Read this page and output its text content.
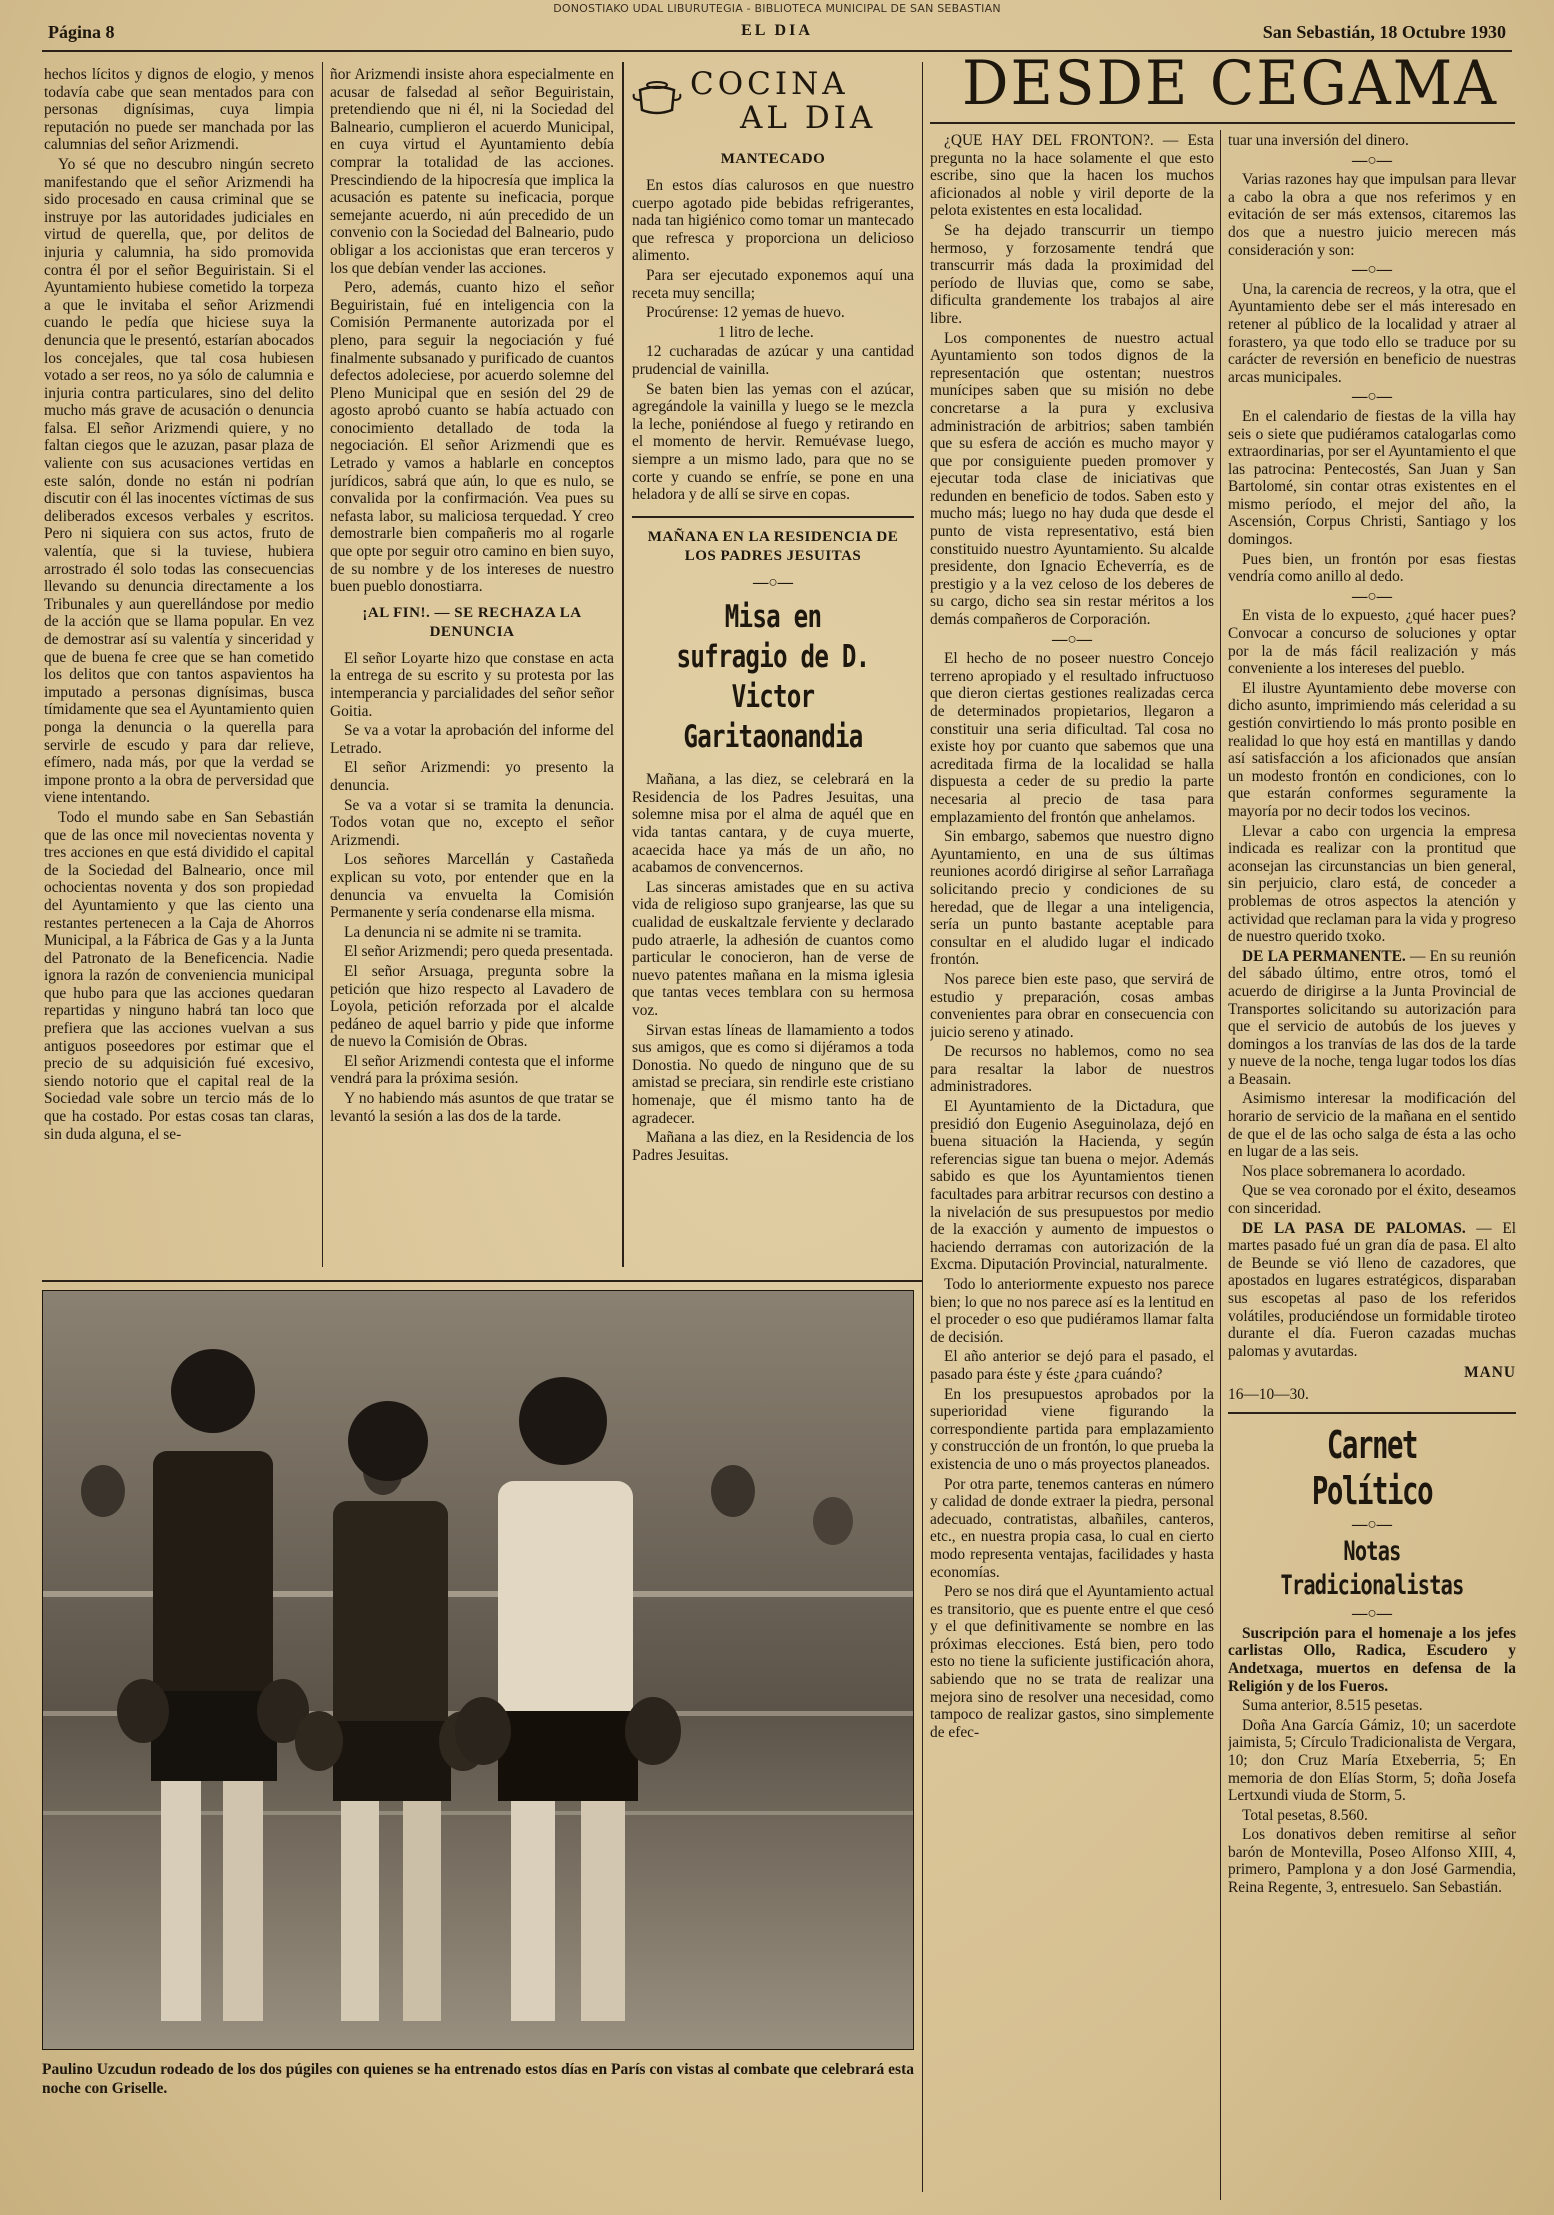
DONOSTIAKO UDAL LIBURUTEGIA - BIBLIOTECA MUNICIPAL DE SAN SEBASTIAN
Página 8	EL DIA	San Sebastián, 18 Octubre 1930

hechos lícitos y dignos de elogio, y menos todavía cabe que sean mentados para con personas dignísimas, cuya limpia reputación no puede ser manchada por las calumnias del señor Arizmendi.

Yo sé que no descubro ningún secreto manifestando que el señor Arizmendi ha sido procesado en causa criminal que se instruye por las autoridades judiciales en virtud de querella, que, por delitos de injuria y calumnia, ha sido promovida contra él por el señor Beguiristain. Si el Ayuntamiento hubiese cometido la torpeza a que le invitaba el señor Arizmendi cuando le pedía que hiciese suya la denuncia que le presentó, estarían abocados los concejales, que tal cosa hubiesen votado a ser reos, no ya sólo de calumnia e injuria contra particulares, sino del delito mucho más grave de acusación o denuncia falsa. El señor Arizmendi quiere, y no faltan ciegos que le azuzan, pasar plaza de valiente con sus acusaciones vertidas en este salón, donde no están ni podrían discutir con él las inocentes víctimas de sus deliberados excesos verbales y escritos. Pero ni siquiera con sus actos, fruto de valentía, que si la tuviese, hubiera arrostrado él solo todas las consecuencias llevando su denuncia directamente a los Tribunales y aun querellándose por medio de la acción que se llama popular. En vez de demostrar así su valentía y sinceridad y que de buena fe cree que se han cometido los delitos que con tantos aspavientos ha imputado a personas dignísimas, busca tímidamente que sea el Ayuntamiento quien ponga la denuncia o la querella para servirle de escudo y para dar relieve, efímero, nada más, por que la verdad se impone pronto a la obra de perversidad que viene intentando.

Todo el mundo sabe en San Sebastián que de las once mil novecientas noventa y tres acciones en que está dividido el capital de la Sociedad del Balneario, once mil ochocientas noventa y dos son propiedad del Ayuntamiento y que las ciento una restantes pertenecen a la Caja de Ahorros Municipal, a la Fábrica de Gas y a la Junta del Patronato de la Beneficencia. Nadie ignora la razón de conveniencia municipal que hubo para que las acciones quedaran repartidas y ninguno habrá tan loco que prefiera que las acciones vuelvan a sus antiguos poseedores por estimar que el precio de su adquisición fué excesivo, siendo notorio que el capital real de la Sociedad vale sobre un tercio más de lo que ha costado. Por estas cosas tan claras, sin duda alguna, el se-

ñor Arizmendi insiste ahora especialmente en acusar de falsedad al señor Beguiristain, pretendiendo que ni él, ni la Sociedad del Balneario, cumplieron el acuerdo Municipal, en cuya virtud el Ayuntamiento debía comprar la totalidad de las acciones. Prescindiendo de la hipocresía que implica la acusación es patente su ineficacia, porque semejante acuerdo, ni aún precedido de un convenio con la Sociedad del Balneario, pudo obligar a los accionistas que eran terceros y los que debían vender las acciones.

Pero, además, cuanto hizo el señor Beguiristain, fué en inteligencia con la Comisión Permanente autorizada por el pleno, para seguir la negociación y fué finalmente subsanado y purificado de cuantos defectos adoleciese, por acuerdo solemne del Pleno Municipal que en sesión del 29 de agosto aprobó cuanto se había actuado con conocimiento detallado de toda la negociación. El señor Arizmendi que es Letrado y vamos a hablarle en conceptos jurídicos, sabrá que aún, lo que es nulo, se convalida por la confirmación. Vea pues su nefasta labor, su maliciosa terquedad. Y creo demostrarle bien compañeris mo al rogarle que opte por seguir otro camino en bien suyo, de su nombre y de los intereses de nuestro buen pueblo donostiarra.

¡AL FIN!. — SE RECHAZA LA DENUNCIA

El señor Loyarte hizo que constase en acta la entrega de su escrito y su protesta por las intemperancia y parcialidades del señor señor Goitia.

Se va a votar la aprobación del informe del Letrado.

El señor Arizmendi: yo presento la denuncia.

Se va a votar si se tramita la denuncia. Todos votan que no, excepto el señor Arizmendi.

Los señores Marcellán y Castañeda explican su voto, por entender que en la denuncia va envuelta la Comisión Permanente y sería condenarse ella misma.

La denuncia ni se admite ni se tramita.

El señor Arizmendi; pero queda presentada.

El señor Arsuaga, pregunta sobre la petición que hizo respecto al Lavadero de Loyola, petición reforzada por el alcalde pedáneo de aquel barrio y pide que informe de nuevo la Comisión de Obras.

El señor Arizmendi contesta que el informe vendrá para la próxima sesión.

Y no habiendo más asuntos de que tratar se levantó la sesión a las dos de la tarde.

COCINA
AL DIA
MANTECADO

En estos días calurosos en que nuestro cuerpo agotado pide bebidas refrigerantes, nada tan higiénico como tomar un mantecado que refresca y proporciona un delicioso alimento.

Para ser ejecutado exponemos aquí una receta muy sencilla;

Procúrense: 12 yemas de huevo.

1 litro de leche.

12 cucharadas de azúcar y una cantidad prudencial de vainilla.

Se baten bien las yemas con el azúcar, agregándole la vainilla y luego se le mezcla la leche, poniéndose al fuego y retirando en el momento de hervir. Remuévase luego, siempre a un mismo lado, para que no se corte y cuando se enfríe, se pone en una heladora y de allí se sirve en copas.

MAÑANA EN LA RESIDENCIA DE LOS PADRES JESUITAS
—○—
Misa en sufragio de D. Victor Garitaonandia

Mañana, a las diez, se celebrará en la Residencia de los Padres Jesuitas, una solemne misa por el alma de aquél que en vida tantas cantara, y de cuya muerte, acaecida hace ya más de un año, no acabamos de convencernos.

Las sinceras amistades que en su activa vida de religioso supo granjearse, las que su cualidad de euskaltzale ferviente y declarado pudo atraerle, la adhesión de cuantos como particular le conocieron, han de verse de nuevo patentes mañana en la misma iglesia que tantas veces temblara con su hermosa voz.

Sirvan estas líneas de llamamiento a todos sus amigos, que es como si dijéramos a toda Donostia. No quedo de ninguno que de su amistad se preciara, sin rendirle este cristiano homenaje, que él mismo tanto ha de agradecer.

Mañana a las diez, en la Residencia de los Padres Jesuitas.

DESDE CEGAMA

¿QUE HAY DEL FRONTON?. — Esta pregunta no la hace solamente el que esto escribe, sino que la hacen los muchos aficionados al noble y viril deporte de la pelota existentes en esta localidad.

Se ha dejado transcurrir un tiempo hermoso, y forzosamente tendrá que transcurrir más dada la proximidad del período de lluvias que, como se sabe, dificulta grandemente los trabajos al aire libre.

Los componentes de nuestro actual Ayuntamiento son todos dignos de la representación que ostentan; nuestros munícipes saben que su misión no debe concretarse a la pura y exclusiva administración de arbitrios; saben también que su esfera de acción es mucho mayor y que por consiguiente pueden promover y ejecutar toda clase de iniciativas que redunden en beneficio de todos. Saben esto y mucho más; luego no hay duda que desde el punto de vista representativo, está bien constituido nuestro Ayuntamiento. Su alcalde presidente, don Ignacio Echeverría, es de prestigio y a la vez celoso de los deberes de su cargo, dicho sea sin restar méritos a los demás compañeros de Corporación.

—○—

El hecho de no poseer nuestro Concejo terreno apropiado y el resultado infructuoso que dieron ciertas gestiones realizadas cerca de determinados propietarios, llegaron a constituir una seria dificultad. Tal cosa no existe hoy por cuanto que sabemos que una acreditada firma de la localidad se halla dispuesta a ceder de su predio la parte necesaria al precio de tasa para emplazamiento del frontón que anhelamos.

Sin embargo, sabemos que nuestro digno Ayuntamiento, en una de sus últimas reuniones acordó dirigirse al señor Larrañaga solicitando precio y condiciones de su heredad, que de llegar a una inteligencia, sería un punto bastante aceptable para consultar en el aludido lugar el indicado frontón.

Nos parece bien este paso, que servirá de estudio y preparación, cosas ambas convenientes para obrar en consecuencia con juicio sereno y atinado.

De recursos no hablemos, como no sea para resaltar la labor de nuestros administradores.

El Ayuntamiento de la Dictadura, que presidió don Eugenio Aseguinolaza, dejó en buena situación la Hacienda, y según referencias sigue tan buena o mejor. Además sabido es que los Ayuntamientos tienen facultades para arbitrar recursos con destino a la nivelación de sus presupuestos por medio de la exacción y aumento de impuestos o haciendo derramas con autorización de la Excma. Diputación Provincial, naturalmente.

Todo lo anteriormente expuesto nos parece bien; lo que no nos parece así es la lentitud en el proceder o eso que pudiéramos llamar falta de decisión.

El año anterior se dejó para el pasado, el pasado para éste y éste ¿para cuándo?

En los presupuestos aprobados por la superioridad viene figurando la correspondiente partida para emplazamiento y construcción de un frontón, lo que prueba la existencia de uno o más proyectos planeados.

Por otra parte, tenemos canteras en número y calidad de donde extraer la piedra, personal adecuado, contratistas, albañiles, canteros, etc., en nuestra propia casa, lo cual en cierto modo representa ventajas, facilidades y hasta economías.

Pero se nos dirá que el Ayuntamiento actual es transitorio, que es puente entre el que cesó y el que definitivamente se nombre en las próximas elecciones. Está bien, pero todo esto no tiene la suficiente justificación ahora, sabiendo que no se trata de realizar una mejora sino de resolver una necesidad, como tampoco de realizar gastos, sino simplemente de efec-

tuar una inversión del dinero.

—○—

Varias razones hay que impulsan para llevar a cabo la obra a que nos referimos y en evitación de ser más extensos, citaremos las dos que a nuestro juicio merecen más consideración y son:

—○—

Una, la carencia de recreos, y la otra, que el Ayuntamiento debe ser el más interesado en retener al público de la localidad y atraer al forastero, ya que todo ello se traduce por su carácter de reversión en beneficio de nuestras arcas municipales.

—○—

En el calendario de fiestas de la villa hay seis o siete que pudiéramos catalogarlas como extraordinarias, por ser el Ayuntamiento el que las patrocina: Pentecostés, San Juan y San Bartolomé, sin contar otras existentes en el mismo período, el mejor del año, la Ascensión, Corpus Christi, Santiago y los domingos.

Pues bien, un frontón por esas fiestas vendría como anillo al dedo.

—○—

En vista de lo expuesto, ¿qué hacer pues? Convocar a concurso de soluciones y optar por la de más fácil realización y más conveniente a los intereses del pueblo.

El ilustre Ayuntamiento debe moverse con dicho asunto, imprimiendo más celeridad a su gestión convirtiendo lo más pronto posible en realidad lo que hoy está en mantillas y dando así satisfacción a los aficionados que ansían un modesto frontón en condiciones, con lo que estarán conformes seguramente la mayoría por no decir todos los vecinos.

Llevar a cabo con urgencia la empresa indicada es realizar con la prontitud que aconsejan las circunstancias un bien general, sin perjuicio, claro está, de conceder a problemas de otros aspectos la atención y actividad que reclaman para la vida y progreso de nuestro querido txoko.

DE LA PERMANENTE. — En su reunión del sábado último, entre otros, tomó el acuerdo de dirigirse a la Junta Provincial de Transportes solicitando su autorización para que el servicio de autobús de los jueves y domingos a los tranvías de las dos de la tarde y nueve de la noche, tenga lugar todos los días a Beasain.

Asimismo interesar la modificación del horario de servicio de la mañana en el sentido de que el de las ocho salga de ésta a las ocho en lugar de a las seis.

Nos place sobremanera lo acordado.

Que se vea coronado por el éxito, deseamos con sinceridad.

DE LA PASA DE PALOMAS. — El martes pasado fué un gran día de pasa. El alto de Beunde se vió lleno de cazadores, que apostados en lugares estratégicos, disparaban sus escopetas al paso de los referidos volátiles, produciéndose un formidable tiroteo durante el día. Fueron cazadas muchas palomas y avutardas.

MANU

16—10—30.

Carnet Político
—○—
Notas Tradicionalistas
—○—

Suscripción para el homenaje a los jefes carlistas Ollo, Radica, Escudero y Andetxaga, muertos en defensa de la Religión y de los Fueros.

Suma anterior, 8.515 pesetas.

Doña Ana García Gámiz, 10; un sacerdote jaimista, 5; Círculo Tradicionalista de Vergara, 10; don Cruz María Etxeberria, 5; En memoria de don Elías Storm, 5; doña Josefa Lertxundi viuda de Storm, 5.

Total pesetas, 8.560.

Los donativos deben remitirse al señor barón de Montevilla, Poseo Alfonso XIII, 4, primero, Pamplona y a don José Garmendia, Reina Regente, 3, entresuelo. San Sebastián.

Paulino Uzcudun rodeado de los dos púgiles con quienes se ha entrenado estos días en París con vistas al combate que celebrará esta noche con Griselle.
